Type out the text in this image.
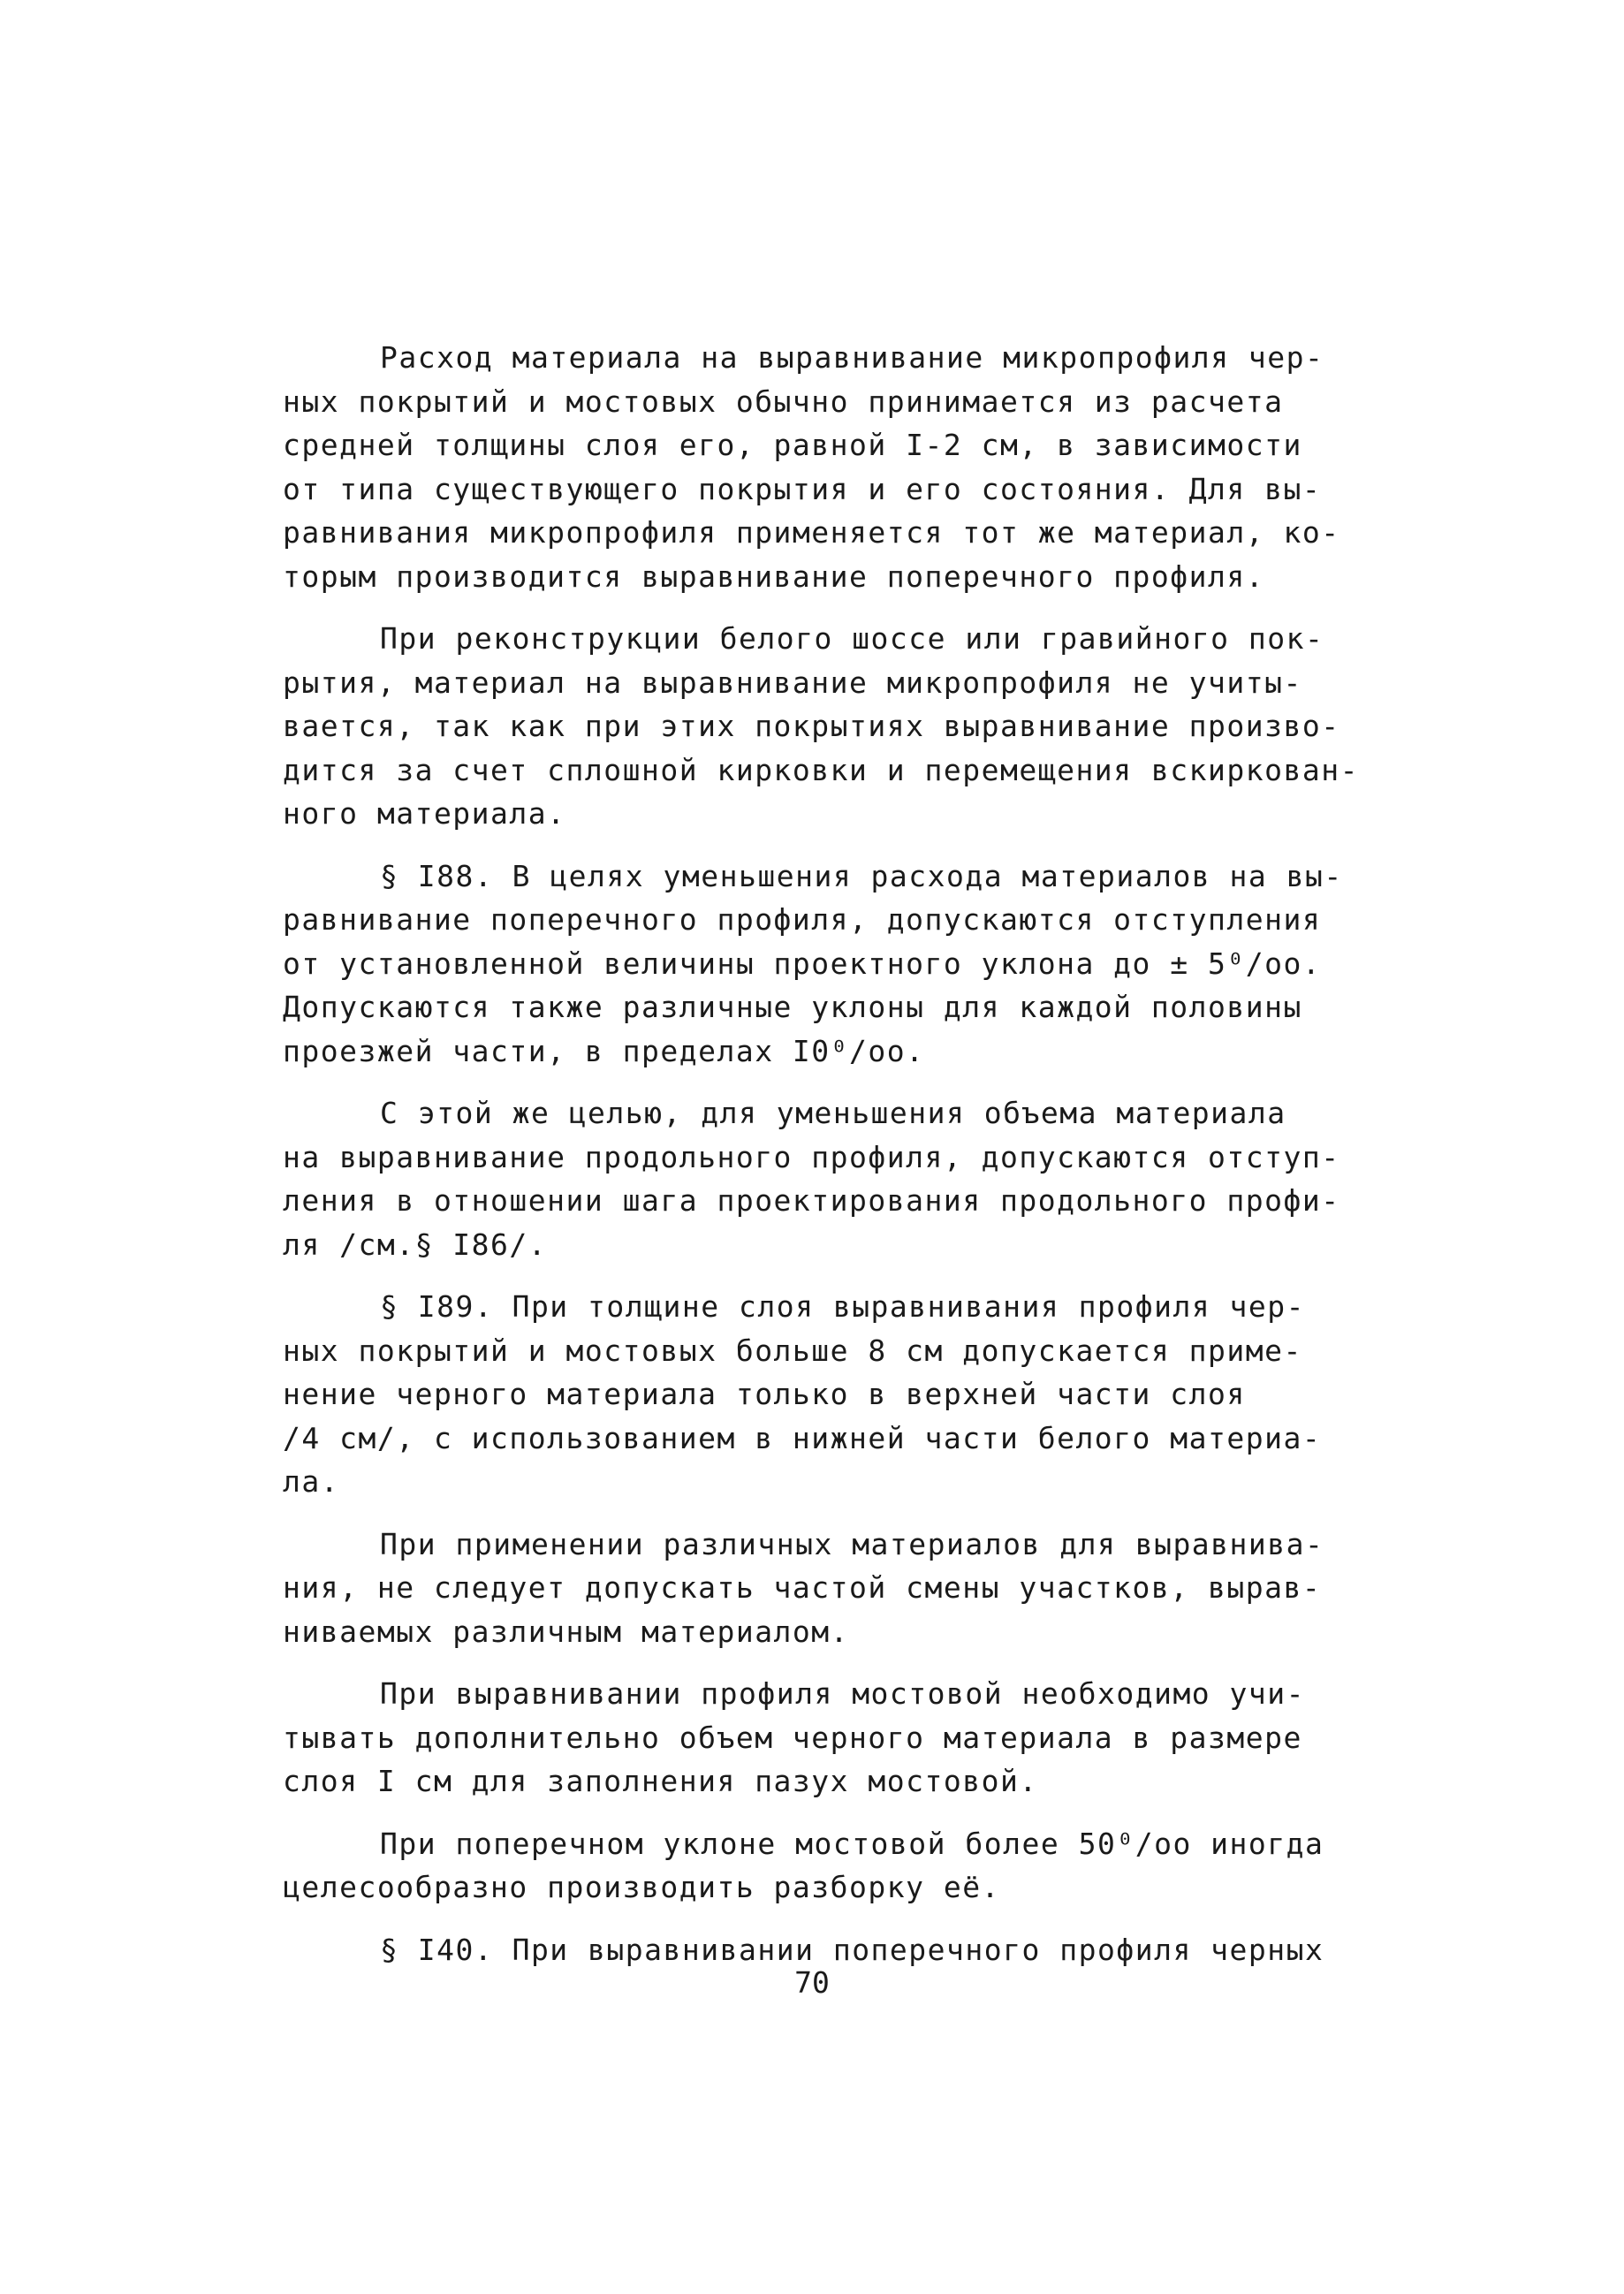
Расход материала на выравнивание микропрофиля чер-
ных покрытий и мостовых обычно принимается из расчета
средней толщины слоя его, равной I-2 см, в зависимости
от типа существующего покрытия и его состояния. Для вы-
равнивания микропрофиля применяется тот же материал, ко-
торым производится выравнивание поперечного профиля.
При реконструкции белого шоссе или гравийного пок-
рытия, материал на выравнивание микропрофиля не учиты-
вается, так как при этих покрытиях выравнивание произво-
дится за счет сплошной кирковки и перемещения вскиркован-
ного материала.
§ I88. В целях уменьшения расхода материалов на вы-
равнивание поперечного профиля, допускаются отступления
от установленной величины проектного уклона до ± 5⁰/оо.
Допускаются также различные уклоны для каждой половины
проезжей части, в пределах I0⁰/оо.
С этой же целью, для уменьшения объема материала
на выравнивание продольного профиля, допускаются отступ-
ления в отношении шага проектирования продольного профи-
ля /см.§ I86/.
§ I89. При толщине слоя выравнивания профиля чер-
ных покрытий и мостовых больше 8 см допускается приме-
нение черного материала только в верхней части слоя
/4 см/, с использованием в нижней части белого материа-
ла.
При применении различных материалов для выравнива-
ния, не следует допускать частой смены участков, вырав-
ниваемых различным материалом.
При выравнивании профиля мостовой необходимо учи-
тывать дополнительно объем черного материала в размере
слоя I см для заполнения пазух мостовой.
При поперечном уклоне мостовой более 50⁰/оо иногда
целесообразно производить разборку её.
§ I40. При выравнивании поперечного профиля черных
70
